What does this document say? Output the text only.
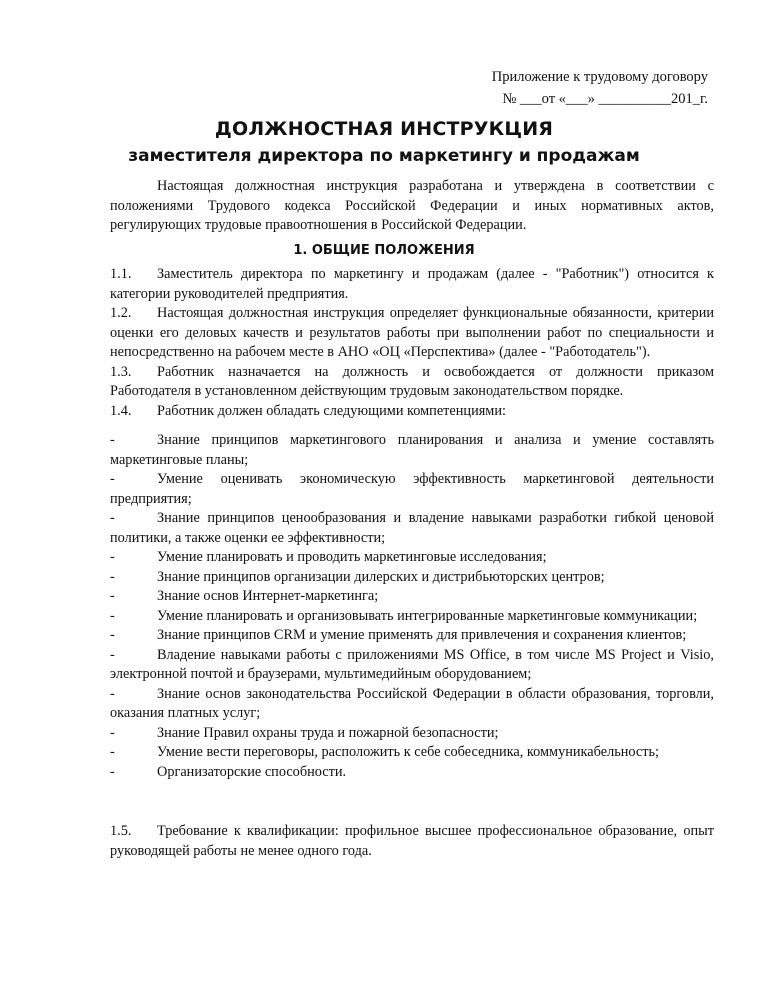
Приложение к трудовому договору
№ ___от «___» __________201_г.
ДОЛЖНОСТНАЯ ИНСТРУКЦИЯ
заместителя директора по маркетингу и продажам
Настоящая должностная инструкция разработана и утверждена в соответствии с положениями Трудового кодекса Российской Федерации и иных нормативных актов, регулирующих трудовые правоотношения в Российской Федерации.
1. ОБЩИЕ ПОЛОЖЕНИЯ

1.1. Заместитель директора по маркетингу и продажам (далее - "Работник") относится к категории руководителей предприятия.

1.2. Настоящая должностная инструкция определяет функциональные обязанности, критерии оценки его деловых качеств и результатов работы при выполнении работ по специальности и непосредственно на рабочем месте в АНО «ОЦ «Перспектива» (далее - "Работодатель").

1.3. Работник назначается на должность и освобождается от должности приказом Работодателя в установленном действующим трудовым законодательством порядке.

1.4. Работник должен обладать следующими компетенциями:

-	Знание принципов маркетингового планирования и анализа и умение составлять маркетинговые планы;

-	Умение оценивать экономическую эффективность маркетинговой деятельности предприятия;

-	Знание принципов ценообразования и владение навыками разработки гибкой ценовой политики, а также оценки ее эффективности;

-	Умение планировать и проводить маркетинговые исследования;

-	Знание принципов организации дилерских и дистрибьюторских центров;

-	Знание основ Интернет-маркетинга;

-	Умение планировать и организовывать интегрированные маркетинговые коммуникации;

-	Знание принципов CRM и умение применять для привлечения и сохранения клиентов;

-	Владение навыками работы с приложениями MS Office, в том числе MS Project и Visio, электронной почтой и браузерами, мультимедийным оборудованием;

-	Знание основ законодательства Российской Федерации в области образования, торговли, оказания платных услуг;

-	Знание Правил охраны труда и пожарной безопасности;

-	Умение вести переговоры, расположить к себе собеседника, коммуникабельность;

-	Организаторские способности.

1.5. Требование к квалификации: профильное высшее профессиональное образование, опыт руководящей работы не менее одного года.
